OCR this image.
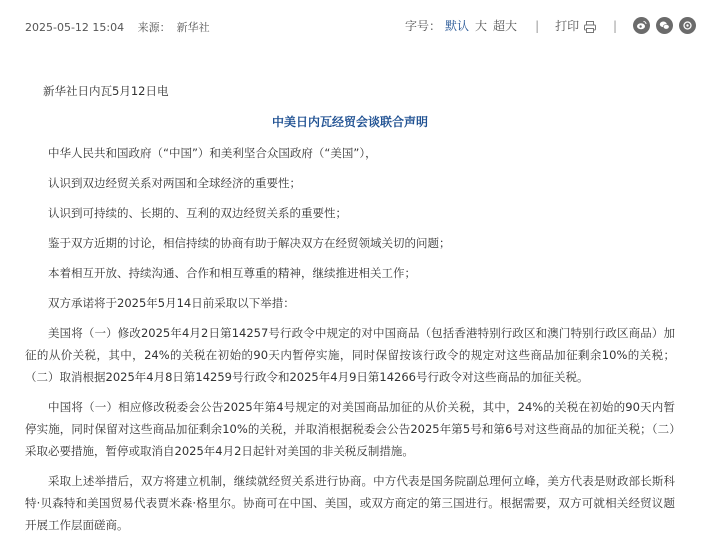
2025-05-12 15:04 来源： 新华社	字号： 默认 大 超大 | 打印	|

新华社日内瓦5月12日电

中美日内瓦经贸会谈联合声明

中华人民共和国政府（“中国”）和美利坚合众国政府（“美国”），

认识到双边经贸关系对两国和全球经济的重要性；

认识到可持续的、长期的、互利的双边经贸关系的重要性；

鉴于双方近期的讨论，相信持续的协商有助于解决双方在经贸领域关切的问题；

本着相互开放、持续沟通、合作和相互尊重的精神，继续推进相关工作；

双方承诺将于2025年5月14日前采取以下举措：

美国将（一）修改2025年4月2日第14257号行政令中规定的对中国商品（包括香港特别行政区和澳门特别行政区商品）加征的从价关税，其中，24%的关税在初始的90天内暂停实施，同时保留按该行政令的规定对这些商品加征剩余10%的关税；（二）取消根据2025年4月8日第14259号行政令和2025年4月9日第14266号行政令对这些商品的加征关税。

中国将（一）相应修改税委会公告2025年第4号规定的对美国商品加征的从价关税，其中，24%的关税在初始的90天内暂停实施，同时保留对这些商品加征剩余10%的关税，并取消根据税委会公告2025年第5号和第6号对这些商品的加征关税；（二）采取必要措施，暂停或取消自2025年4月2日起针对美国的非关税反制措施。

采取上述举措后，双方将建立机制，继续就经贸关系进行协商。中方代表是国务院副总理何立峰，美方代表是财政部长斯科特·贝森特和美国贸易代表贾米森·格里尔。协商可在中国、美国，或双方商定的第三国进行。根据需要，双方可就相关经贸议题开展工作层面磋商。
